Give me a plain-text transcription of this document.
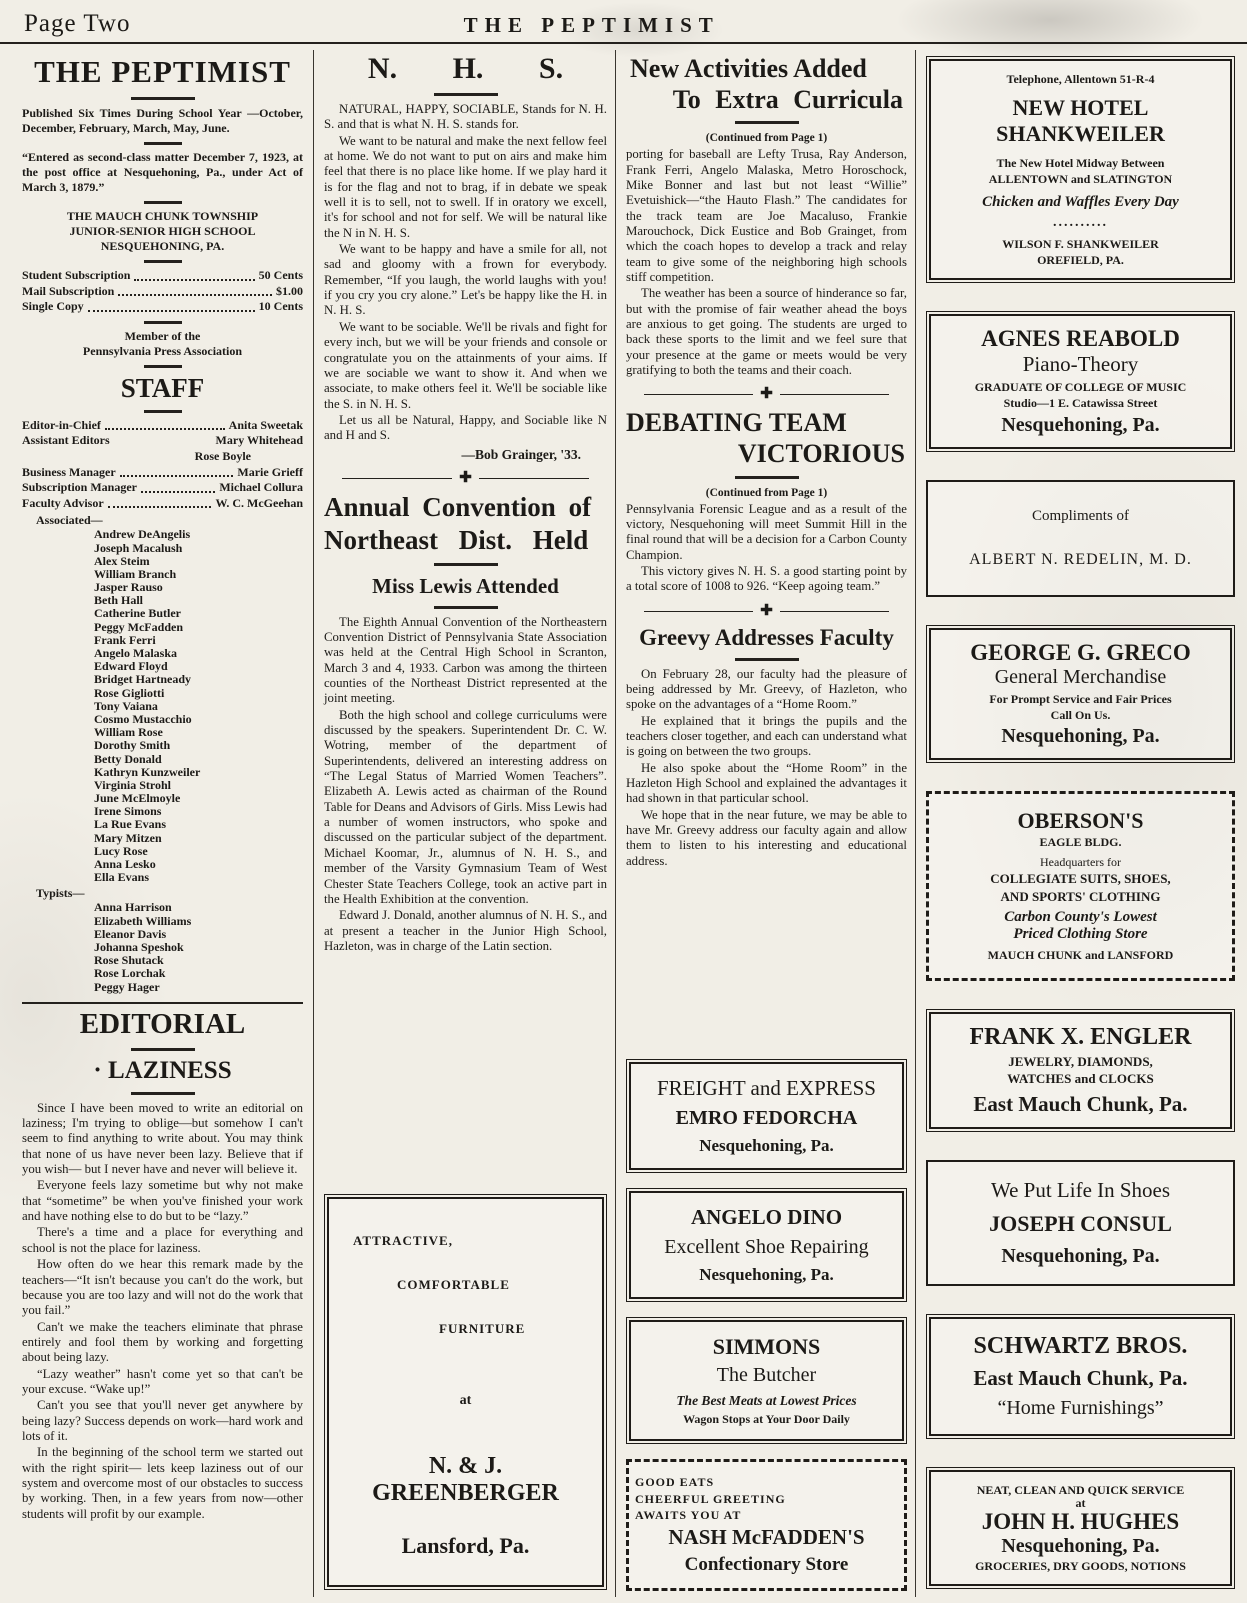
Page Two	THE PEPTIMIST
THE PEPTIMIST

Published Six Times During School Year —October, December, February, March, May, June.

“Entered as second-class matter December 7, 1923, at the post office at Nesquehoning, Pa., under Act of March 3, 1879.”

THE MAUCH CHUNK TOWNSHIP
JUNIOR-SENIOR HIGH SCHOOL
NESQUEHONING, PA.
Student Subscription	50 Cents
Mail Subscription	$1.00
Single Copy	10 Cents
Member of the
Pennsylvania Press Association
STAFF
Editor-in-Chief	Anita Sweetak
Assistant Editors	Mary Whitehead
Rose Boyle
Business Manager	Marie Grieff
Subscription Manager	Michael Collura
Faculty Advisor	W. C. McGeehan
Associated—
Andrew DeAngelis
Joseph Macalush
Alex Steim
William Branch
Jasper Rauso
Beth Hall
Catherine Butler
Peggy McFadden
Frank Ferri
Angelo Malaska
Edward Floyd
Bridget Hartneady
Rose Gigliotti
Tony Vaiana
Cosmo Mustacchio
William Rose
Dorothy Smith
Betty Donald
Kathryn Kunzweiler
Virginia Strohl
June McElmoyle
Irene Simons
La Rue Evans
Mary Mitzen
Lucy Rose
Anna Lesko
Ella Evans
Typists—
Anna Harrison
Elizabeth Williams
Eleanor Davis
Johanna Speshok
Rose Shutack
Rose Lorchak
Peggy Hager
EDITORIAL
· LAZINESS

Since I have been moved to write an editorial on laziness; I'm trying to oblige—but somehow I can't seem to find anything to write about. You may think that none of us have never been lazy. Believe that if you wish— but I never have and never will believe it.

Everyone feels lazy sometime but why not make that “sometime” be when you've finished your work and have nothing else to do but to be “lazy.”

There's a time and a place for everything and school is not the place for laziness.

How often do we hear this remark made by the teachers—“It isn't because you can't do the work, but because you are too lazy and will not do the work that you fail.”

Can't we make the teachers eliminate that phrase entirely and fool them by working and forgetting about being lazy.

“Lazy weather” hasn't come yet so that can't be your excuse. “Wake up!”

Can't you see that you'll never get anywhere by being lazy? Success depends on work—hard work and lots of it.

In the beginning of the school term we started out with the right spirit— lets keep laziness out of our system and overcome most of our obstacles to success by working. Then, in a few years from now—other students will profit by our example.

N. H. S.

NATURAL, HAPPY, SOCIABLE, Stands for N. H. S. and that is what N. H. S. stands for.

We want to be natural and make the next fellow feel at home. We do not want to put on airs and make him feel that there is no place like home. If we play hard it is for the flag and not to brag, if in debate we speak well it is to sell, not to swell. If in oratory we excell, it's for school and not for self. We will be natural like the N in N. H. S.

We want to be happy and have a smile for all, not sad and gloomy with a frown for everybody. Remember, “If you laugh, the world laughs with you! if you cry you cry alone.” Let's be happy like the H. in N. H. S.

We want to be sociable. We'll be rivals and fight for every inch, but we will be your friends and console or congratulate you on the attainments of your aims. If we are sociable we want to show it. And when we associate, to make others feel it. We'll be sociable like the S. in N. H. S.

Let us all be Natural, Happy, and Sociable like N and H and S.

—Bob Grainger, '33.
✚
Annual Convention of
Northeast Dist. Held
Miss Lewis Attended

The Eighth Annual Convention of the Northeastern Convention District of Pennsylvania State Association was held at the Central High School in Scranton, March 3 and 4, 1933. Carbon was among the thirteen counties of the Northeast District represented at the joint meeting.

Both the high school and college curriculums were discussed by the speakers. Superintendent Dr. C. W. Wotring, member of the department of Superintendents, delivered an interesting address on “The Legal Status of Married Women Teachers”. Elizabeth A. Lewis acted as chairman of the Round Table for Deans and Advisors of Girls. Miss Lewis had a number of women instructors, who spoke and discussed on the particular subject of the department. Michael Koomar, Jr., alumnus of N. H. S., and member of the Varsity Gymnasium Team of West Chester State Teachers College, took an active part in the Health Exhibition at the convention.

Edward J. Donald, another alumnus of N. H. S., and at present a teacher in the Junior High School, Hazleton, was in charge of the Latin section.

ATTRACTIVE,
COMFORTABLE
FURNITURE
at
N. & J. GREENBERGER
Lansford, Pa.
New Activities Added
To Extra Curricula
(Continued from Page 1)

porting for baseball are Lefty Trusa, Ray Anderson, Frank Ferri, Angelo Malaska, Metro Horoschock, Mike Bonner and last but not least “Willie” Evetuishick—“the Hauto Flash.” The candidates for the track team are Joe Macaluso, Frankie Marouchock, Dick Eustice and Bob Grainget, from which the coach hopes to develop a track and relay team to give some of the neighboring high schools stiff competition.

The weather has been a source of hinderance so far, but with the promise of fair weather ahead the boys are anxious to get going. The students are urged to back these sports to the limit and we feel sure that your presence at the game or meets would be very gratifying to both the teams and their coach.

✚
DEBATING TEAM
VICTORIOUS
(Continued from Page 1)

Pennsylvania Forensic League and as a result of the victory, Nesquehoning will meet Summit Hill in the final round that will be a decision for a Carbon County Champion.

This victory gives N. H. S. a good starting point by a total score of 1008 to 926. “Keep agoing team.”

✚
Greevy Addresses Faculty

On February 28, our faculty had the pleasure of being addressed by Mr. Greevy, of Hazleton, who spoke on the advantages of a “Home Room.”

He explained that it brings the pupils and the teachers closer together, and each can understand what is going on between the two groups.

He also spoke about the “Home Room” in the Hazleton High School and explained the advantages it had shown in that particular school.

We hope that in the near future, we may be able to have Mr. Greevy address our faculty again and allow them to listen to his interesting and educational address.

FREIGHT and EXPRESS
EMRO FEDORCHA
Nesquehoning, Pa.
ANGELO DINO
Excellent Shoe Repairing
Nesquehoning, Pa.
SIMMONS
The Butcher
The Best Meats at Lowest Prices
Wagon Stops at Your Door Daily
GOOD EATS
CHEERFUL GREETING
AWAITS YOU AT
NASH McFADDEN'S
Confectionary Store
Telephone, Allentown 51-R-4
NEW HOTEL
SHANKWEILER
The New Hotel Midway Between
ALLENTOWN and SLATINGTON
Chicken and Waffles Every Day
..........
WILSON F. SHANKWEILER
OREFIELD, PA.
AGNES REABOLD
Piano-Theory
GRADUATE OF COLLEGE OF MUSIC
Studio—1 E. Catawissa Street
Nesquehoning, Pa.
Compliments of
ALBERT N. REDELIN, M. D.
GEORGE G. GRECO
General Merchandise
For Prompt Service and Fair Prices
Call On Us.
Nesquehoning, Pa.
OBERSON'S
EAGLE BLDG.
Headquarters for
COLLEGIATE SUITS, SHOES,
AND SPORTS' CLOTHING
Carbon County's Lowest
Priced Clothing Store
MAUCH CHUNK and LANSFORD
FRANK X. ENGLER
JEWELRY, DIAMONDS,
WATCHES and CLOCKS
East Mauch Chunk, Pa.
We Put Life In Shoes
JOSEPH CONSUL
Nesquehoning, Pa.
SCHWARTZ BROS.
East Mauch Chunk, Pa.
“Home Furnishings”
NEAT, CLEAN AND QUICK SERVICE
at
JOHN H. HUGHES
Nesquehoning, Pa.
GROCERIES, DRY GOODS, NOTIONS
